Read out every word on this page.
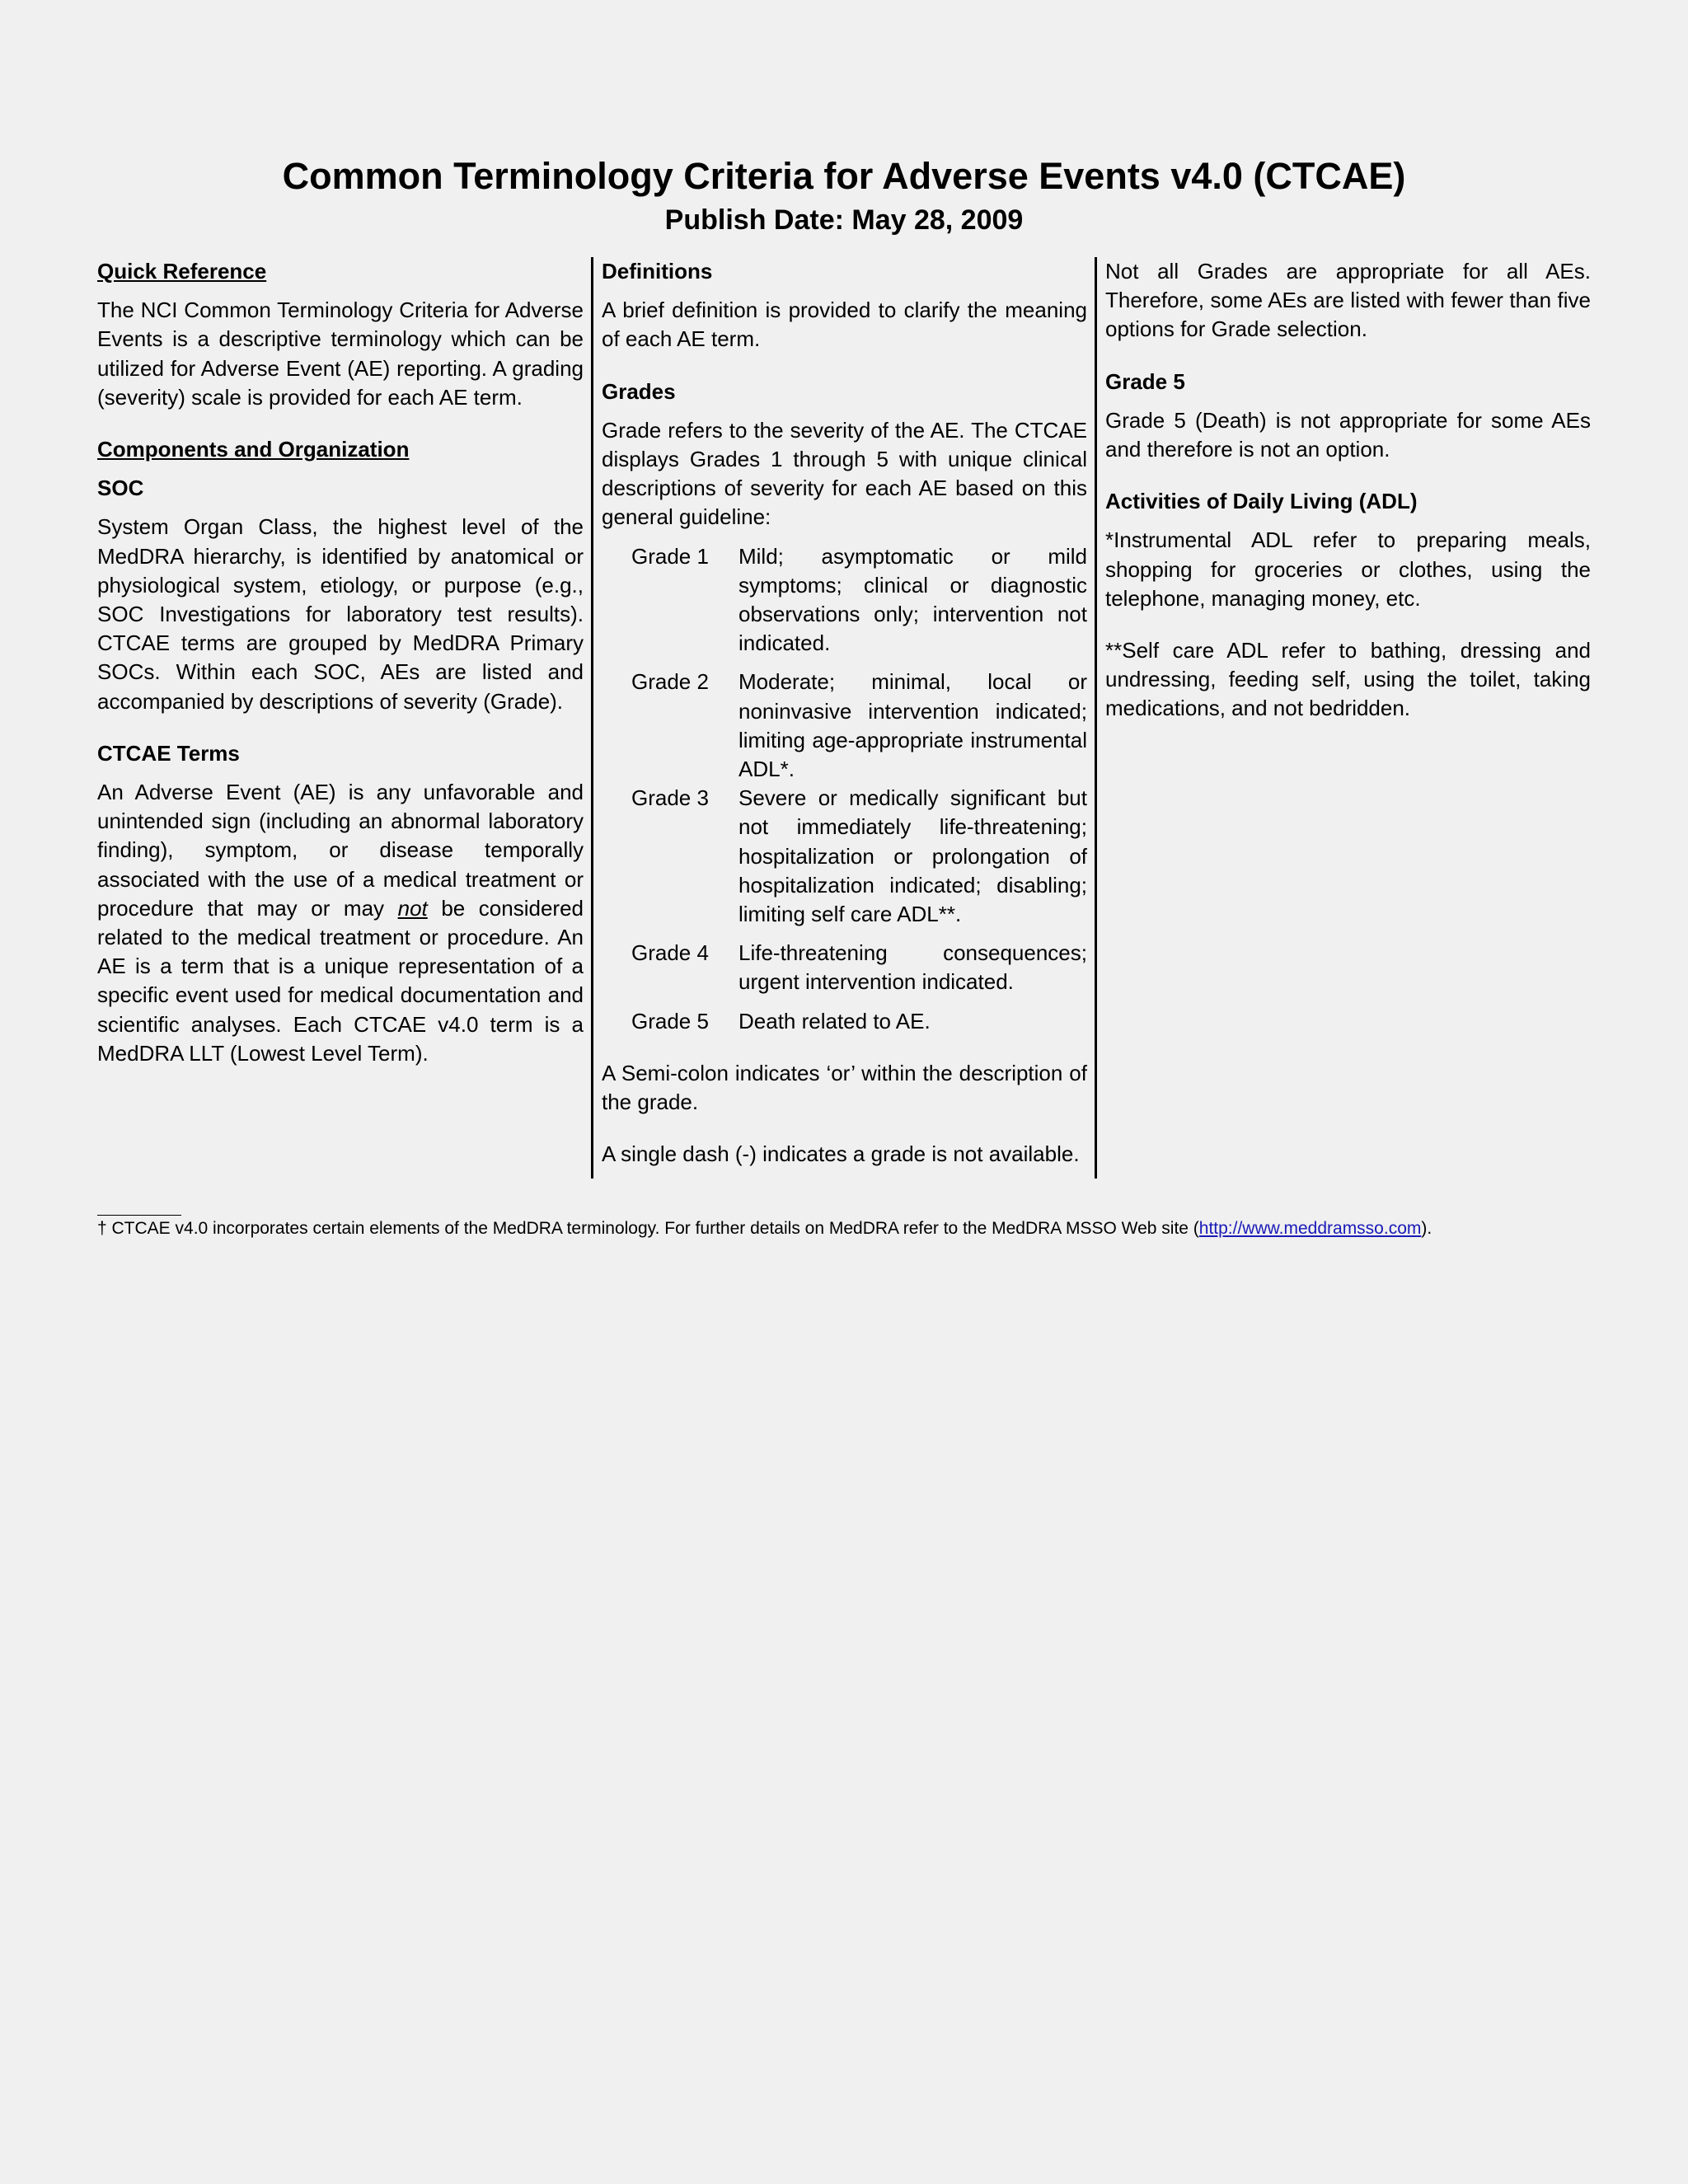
Common Terminology Criteria for Adverse Events v4.0 (CTCAE)
Publish Date: May 28, 2009
Quick Reference

The NCI Common Terminology Criteria for Adverse Events is a descriptive terminology which can be utilized for Adverse Event (AE) reporting. A grading (severity) scale is provided for each AE term.

Components and Organization
SOC

System Organ Class, the highest level of the MedDRA hierarchy, is identified by anatomical or physiological system, etiology, or purpose (e.g., SOC Investigations for laboratory test results). CTCAE terms are grouped by MedDRA Primary SOCs. Within each SOC, AEs are listed and accompanied by descriptions of severity (Grade).

CTCAE Terms

An Adverse Event (AE) is any unfavorable and unintended sign (including an abnormal laboratory finding), symptom, or disease temporally associated with the use of a medical treatment or procedure that may or may not be considered related to the medical treatment or procedure. An AE is a term that is a unique representation of a specific event used for medical documentation and scientific analyses. Each CTCAE v4.0 term is a MedDRA LLT (Lowest Level Term).

Definitions

A brief definition is provided to clarify the meaning of each AE term.

Grades

Grade refers to the severity of the AE. The CTCAE displays Grades 1 through 5 with unique clinical descriptions of severity for each AE based on this general guideline:

Grade 1	Mild; asymptomatic or mild symptoms; clinical or diagnostic observations only; intervention not indicated.
Grade 2	Moderate; minimal, local or noninvasive intervention indicated; limiting age-appropriate instrumental ADL*.
Grade 3	Severe or medically significant but not immediately life-threatening; hospitalization or prolongation of hospitalization indicated; disabling; limiting self care ADL**.
Grade 4	Life-threatening consequences; urgent intervention indicated.
Grade 5	Death related to AE.

A Semi-colon indicates ‘or’ within the description of the grade.

A single dash (-) indicates a grade is not available.

Not all Grades are appropriate for all AEs. Therefore, some AEs are listed with fewer than five options for Grade selection.

Grade 5

Grade 5 (Death) is not appropriate for some AEs and therefore is not an option.

Activities of Daily Living (ADL)

*Instrumental ADL refer to preparing meals, shopping for groceries or clothes, using the telephone, managing money, etc.

**Self care ADL refer to bathing, dressing and undressing, feeding self, using the toilet, taking medications, and not bedridden.

† CTCAE v4.0 incorporates certain elements of the MedDRA terminology. For further details on MedDRA refer to the MedDRA MSSO Web site (http://www.meddramsso.com).
